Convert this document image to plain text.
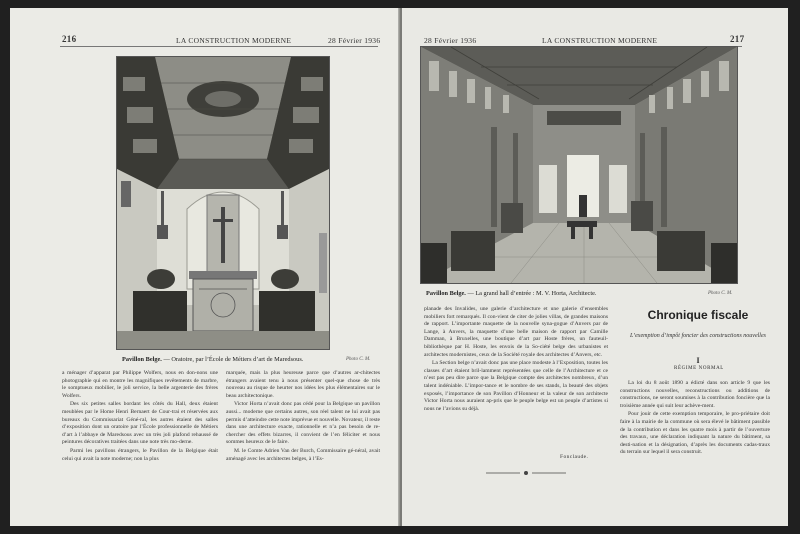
216	LA CONSTRUCTION MODERNE	28 Février 1936
Pavillon Belge. — Oratoire, par l’École de Métiers d’art de Maredsous.	Photo C. M.

a ménager d’apparat par Philippe Wolfers, nous en don-nons une photographie qui en montre les magnifiques revêtements de marbre, le somptueux mobilier, le joli service, la belle argenterie des frères Wolfers.

Des six petites salles bordant les côtés du Hall, deux étaient meublées par le Home Henri Bernaert de Cour-trai et réservées aux bureaux du Commissariat Géné-ral, les autres étaient des salles d’exposition dont un oratoire par l’École professionnelle de Métiers d’art à l’abbaye de Maredsous avec un très joli plafond rehaussé de peintures décoratives traitées dans une note très mo-derne.

Parmi les pavillons étrangers, le Pavillon de la Belgique était celui qui avait la note moderne; non la plus

marquée, mais la plus heureuse parce que d’autres ar-chitectes étrangers avaient tenu à nous présenter quel-que chose de très nouveau au risque de heurter nos idées les plus élémentaires sur le beau architectonique.

Victor Horta n’avait donc pas cédé pour la Belgique un pavillon aussi... moderne que certains autres, son réel talent ne lui avait pas permis d’atteindre cette note imprévue et nouvelle. Novateur, il reste dans une architecture exacte, rationnelle et n’a pas besoin de re-chercher des effets bizarres, il convient de l’en féliciter et nous sommes heureux de le faire.

M. le Comte Adrien Van der Burch, Commissaire gé-néral, avait aménagé avec les architectes belges, à l’Es-

28 Février 1936	LA CONSTRUCTION MODERNE	217
Pavillon Belge. — La grand hall d’entrée : M. V. Horta, Architecte.	Photo C. M.

planade des Invalides, une galerie d’architecture et une galerie d’ensembles mobiliers fort remarqués. Il con-vient de citer de jolies villas, de grandes maisons de rapport. L’importante maquette de la nouvelle syna-gogue d’Anvers par de Lange, à Anvers, la maquette d’une belle maison de rapport par Camille Damman, à Bruxelles, une boutique d’art par Hoste frères, un fauteuil-bibliothèque par H. Hoste, les envois de la So-ciété belge des urbanistes et architectes modernistes, ceux de la Société royale des architectes d’Anvers, etc.

La Section belge n’avait donc pas une place modeste à l’Exposition, toutes les classes d’art étaient bril-lamment représentées que celle de l’Architecture et ce n’est pas peu dire parce que la Belgique compte des architectes nombreux, d’un talent indéniable. L’impor-tance et le nombre de ses stands, la beauté des objets exposés, l’importance de son Pavillon d’Honneur et la valeur de son architecte Victor Horta nous auraient ap-pris que le peuple belge est un peuple d’artistes si nous ne l’avions su déjà.

Fonclaude.
Chronique fiscale
L’exemption d’impôt foncier des constructions nouvelles
I
RÉGIME NORMAL

La loi du 8 août 1890 a édicté dans son article 9 que les constructions nouvelles, reconstructions ou additions de constructions, ne seront soumises à la contribution foncière que la troisième année qui suit leur achève-ment.

Pour jouir de cette exemption temporaire, le pro-priétaire doit faire à la mairie de la commune où sera élevé le bâtiment passible de la contribution et dans les quatre mois à partir de l’ouverture des travaux, une déclaration indiquant la nature du bâtiment, sa desti-nation et la désignation, d’après les documents cadas-traux du terrain sur lequel il sera construit.
